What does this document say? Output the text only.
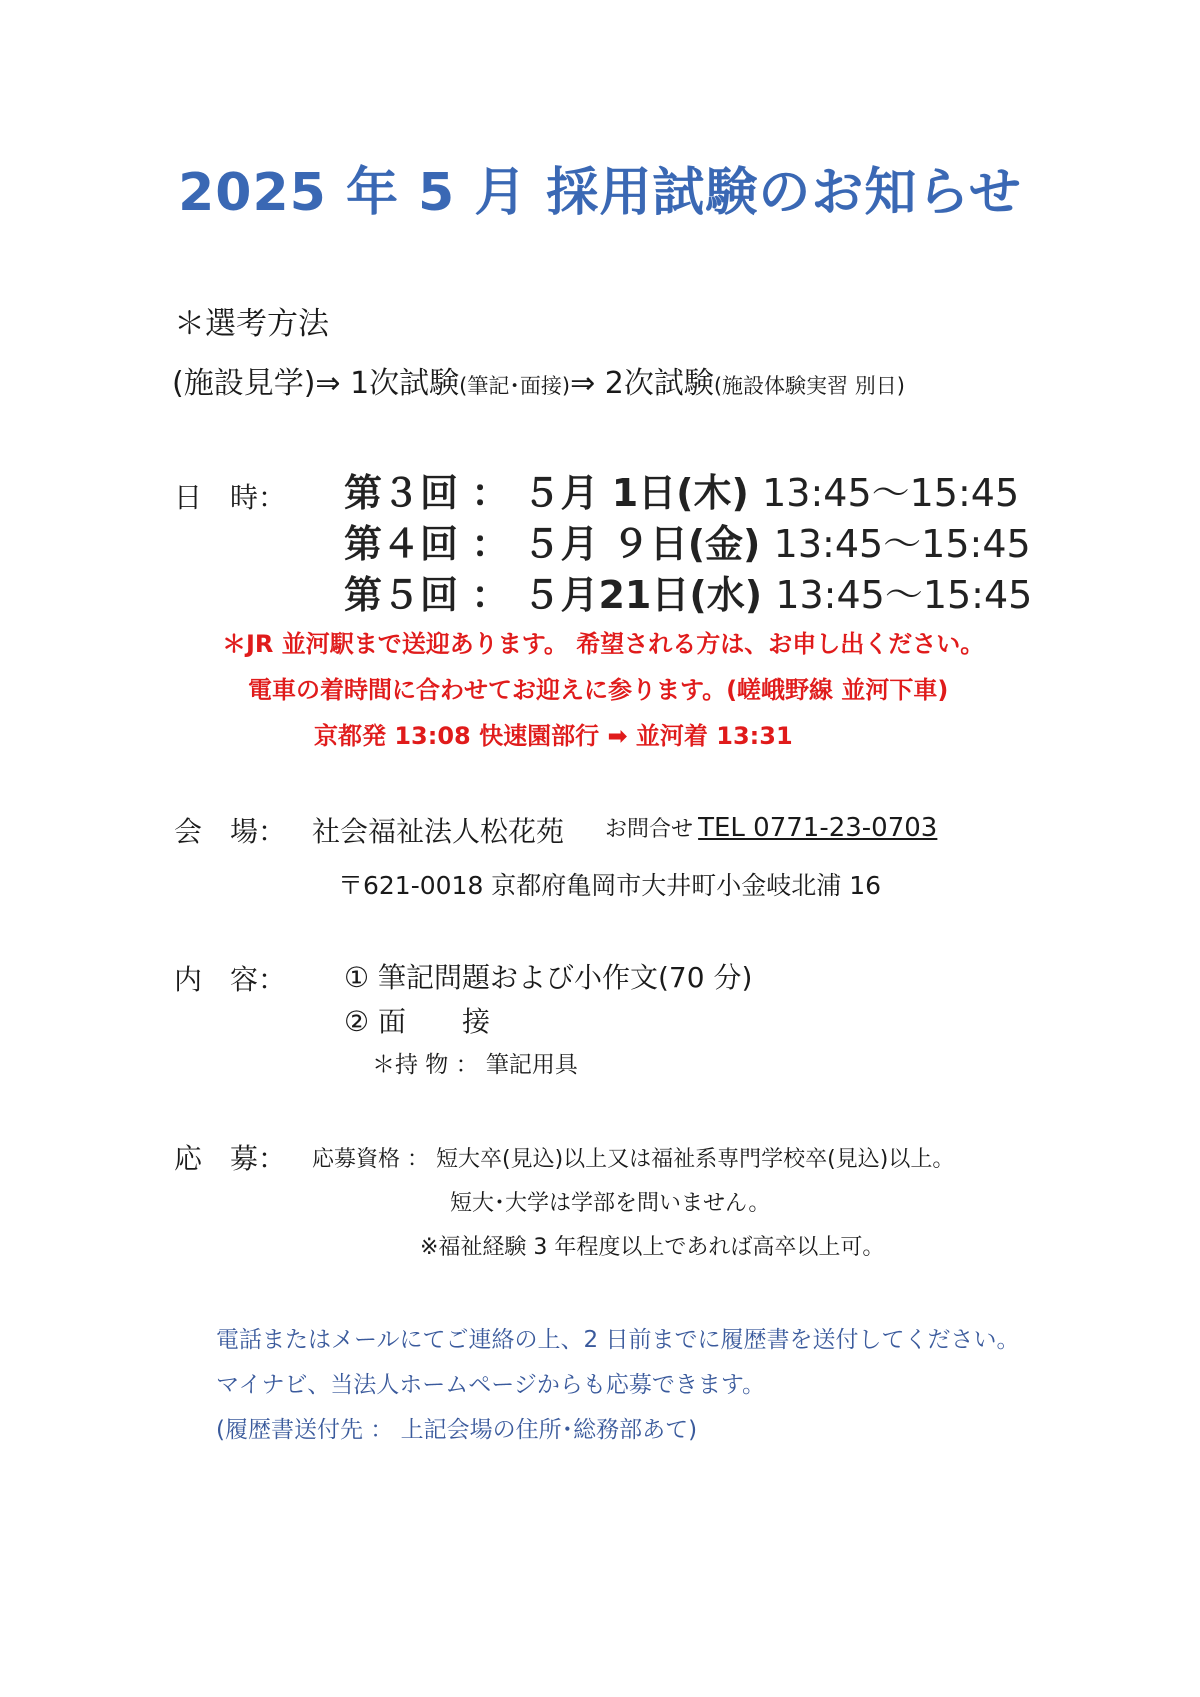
2025 年 5 月 採用試験のお知らせ
＊選考方法
(施設見学)⇒ 1次試験(筆記･面接)⇒ 2次試験(施設体験実習 別日)
日　時： 第３回 ： ５月 1日(木) 13:45～15:45
第４回 ： ５月 ９日(金) 13:45～15:45
第５回 ： ５月21日(水) 13:45～15:45
＊JR 並河駅まで送迎あります。 希望される方は、お申し出ください。
電車の着時間に合わせてお迎えに参ります。(嵯峨野線 並河下車)
京都発 13:08 快速園部行 ➡ 並河着 13:31
会　場： 社会福祉法人松花苑 お問合せ TEL 0771-23-0703
〒621-0018 京都府亀岡市大井町小金岐北浦 16
内　容： ① 筆記問題および小作文(70 分)
② 面　　接
＊持 物 ： 筆記用具
応　募： 応募資格 ： 短大卒(見込)以上又は福祉系専門学校卒(見込)以上。
短大･大学は学部を問いません。
※福祉経験 3 年程度以上であれば高卒以上可。
電話またはメールにてご連絡の上、2 日前までに履歴書を送付してください。
マイナビ、当法人ホームページからも応募できます。
(履歴書送付先 ： 上記会場の住所･総務部あて)
